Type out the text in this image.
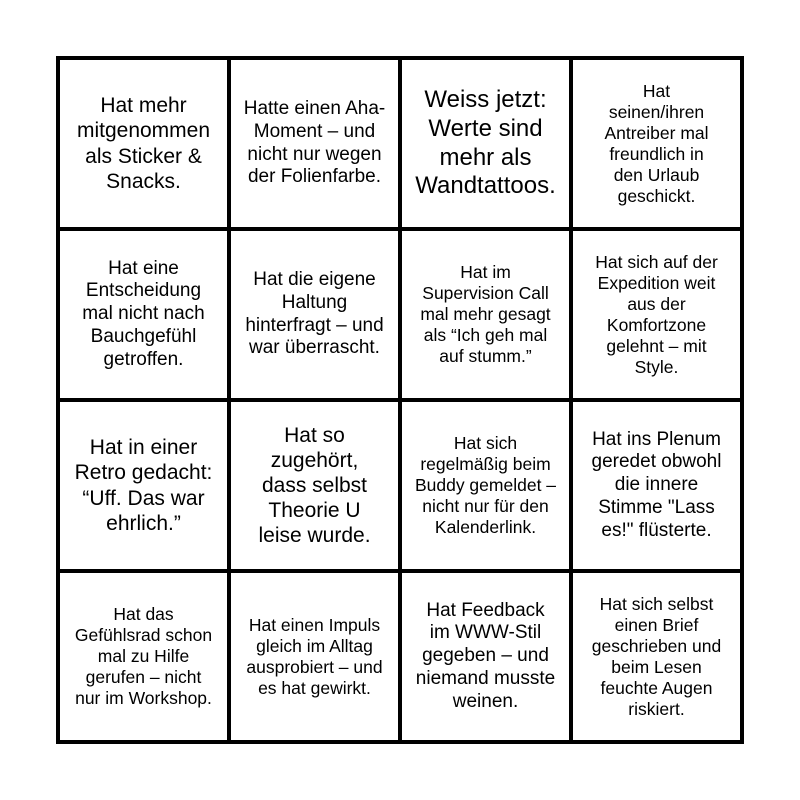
Hat mehr mitgenommen als Sticker & Snacks.
Hatte einen Aha-Moment – und nicht nur wegen der Folienfarbe.
Weiss jetzt: Werte sind mehr als Wandtattoos.
Hat seinen/ihren Antreiber mal freundlich in den Urlaub geschickt.
Hat eine Entscheidung mal nicht nach Bauchgefühl getroffen.
Hat die eigene Haltung hinterfragt – und war überrascht.
Hat im Supervision Call mal mehr gesagt als “Ich geh mal auf stumm.”
Hat sich auf der Expedition weit aus der Komfortzone gelehnt – mit Style.
Hat in einer Retro gedacht: “Uff. Das war ehrlich.”
Hat so zugehört, dass selbst Theorie U leise wurde.
Hat sich regelmäßig beim Buddy gemeldet – nicht nur für den Kalenderlink.
Hat ins Plenum geredet obwohl die innere Stimme "Lass es!" flüsterte.
Hat das Gefühlsrad schon mal zu Hilfe gerufen – nicht nur im Workshop.
Hat einen Impuls gleich im Alltag ausprobiert – und es hat gewirkt.
Hat Feedback im WWW-Stil gegeben – und niemand musste weinen.
Hat sich selbst einen Brief geschrieben und beim Lesen feuchte Augen riskiert.
